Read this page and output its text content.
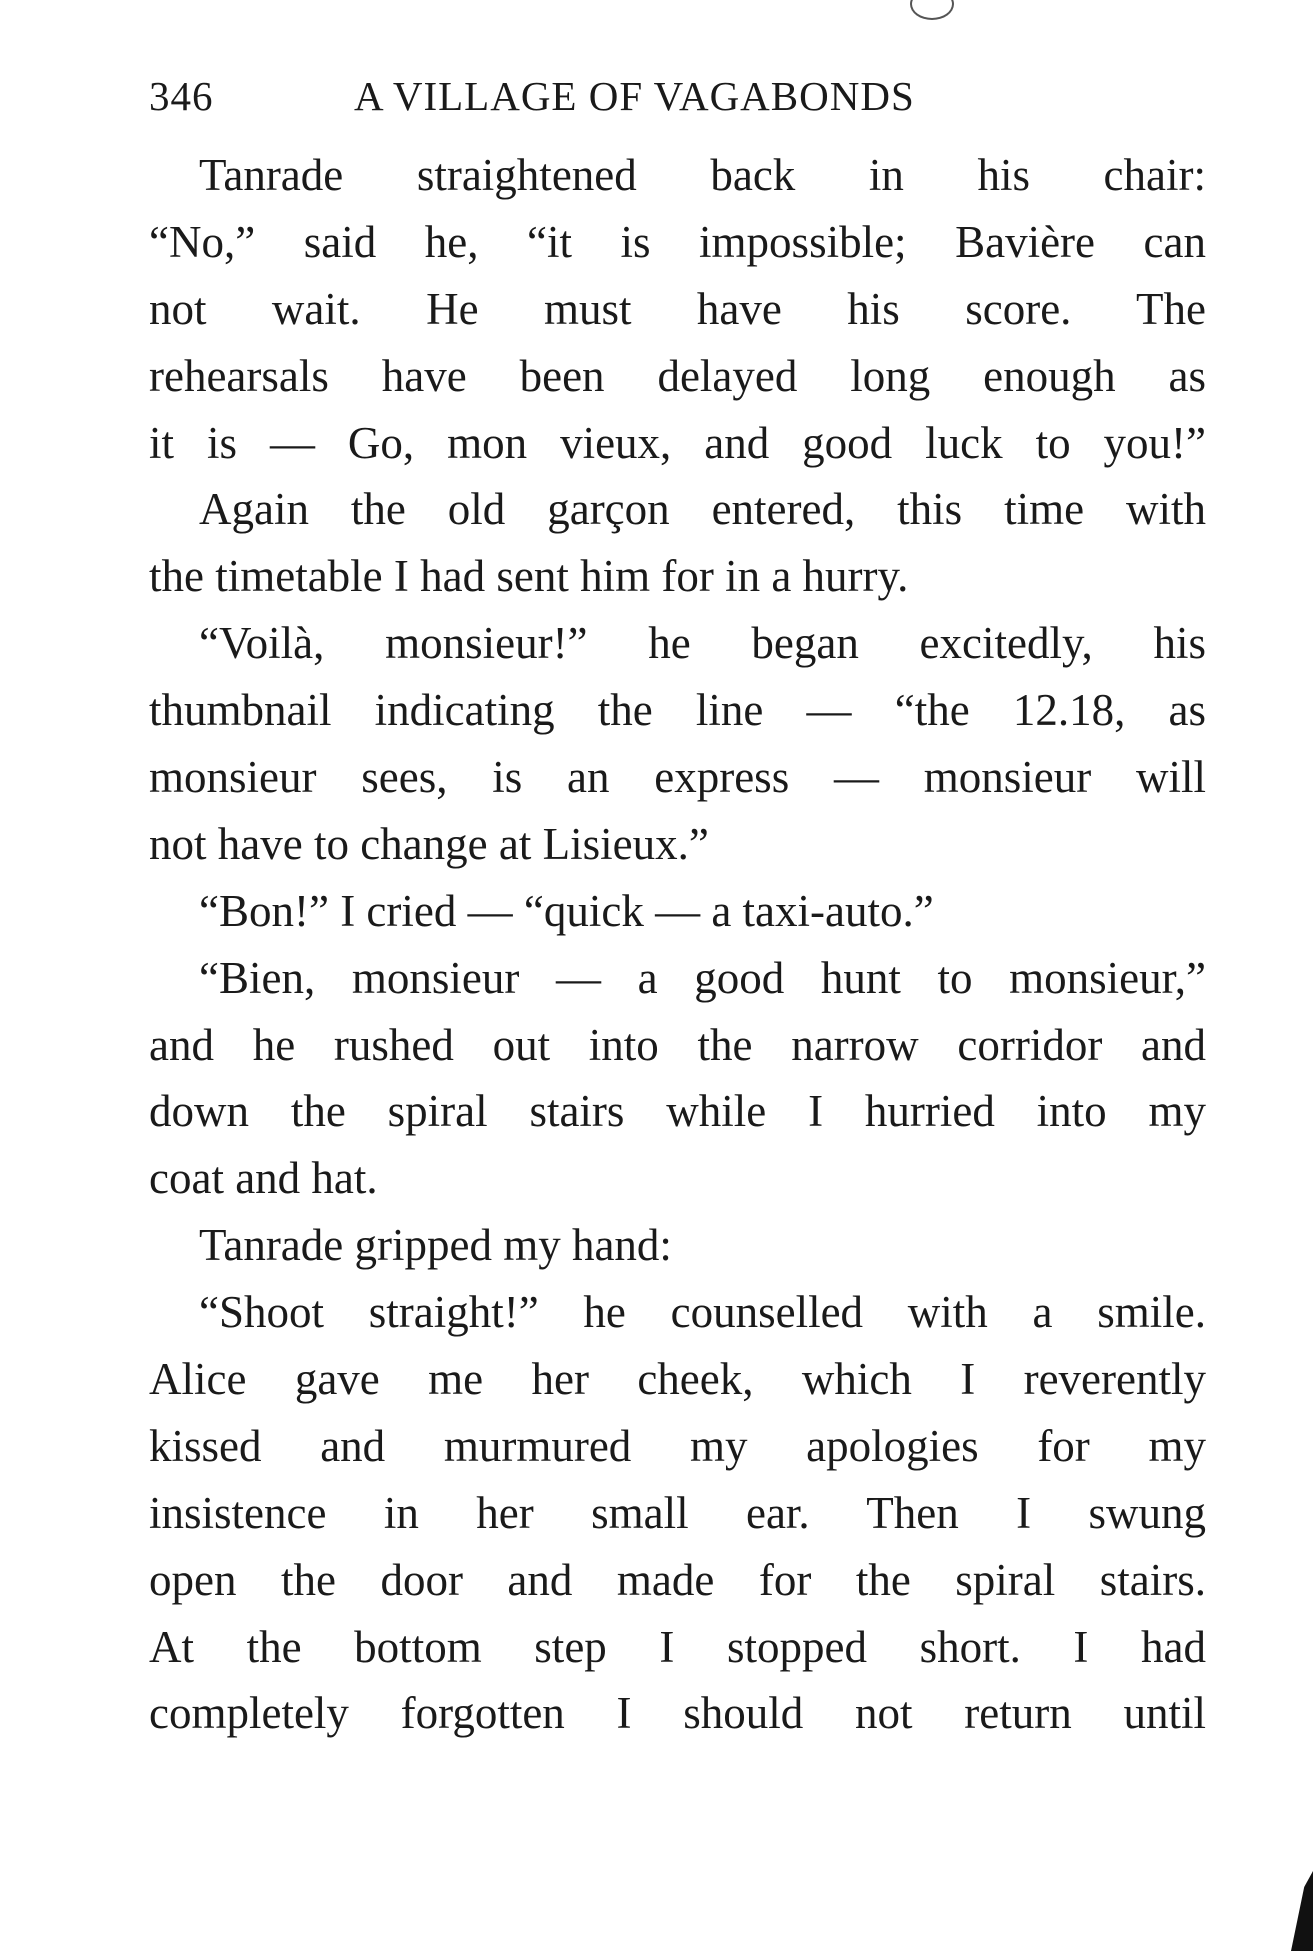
346	A VILLAGE OF VAGABONDS
Tanrade straightened back in his chair:
“No,” said he, “it is impossible; Bavière can
not wait. He must have his score. The
rehearsals have been delayed long enough as
it is — Go, mon vieux, and good luck to you!”
Again the old garçon entered, this time with
the timetable I had sent him for in a hurry.
“Voilà, monsieur!” he began excitedly, his
thumbnail indicating the line — “the 12.18, as
monsieur sees, is an express — monsieur will
not have to change at Lisieux.”
“Bon!” I cried — “quick — a taxi-auto.”
“Bien, monsieur — a good hunt to monsieur,”
and he rushed out into the narrow corridor and
down the spiral stairs while I hurried into my
coat and hat.
Tanrade gripped my hand:
“Shoot straight!” he counselled with a smile.
Alice gave me her cheek, which I reverently
kissed and murmured my apologies for my
insistence in her small ear. Then I swung
open the door and made for the spiral stairs.
At the bottom step I stopped short. I had
completely forgotten I should not return until
